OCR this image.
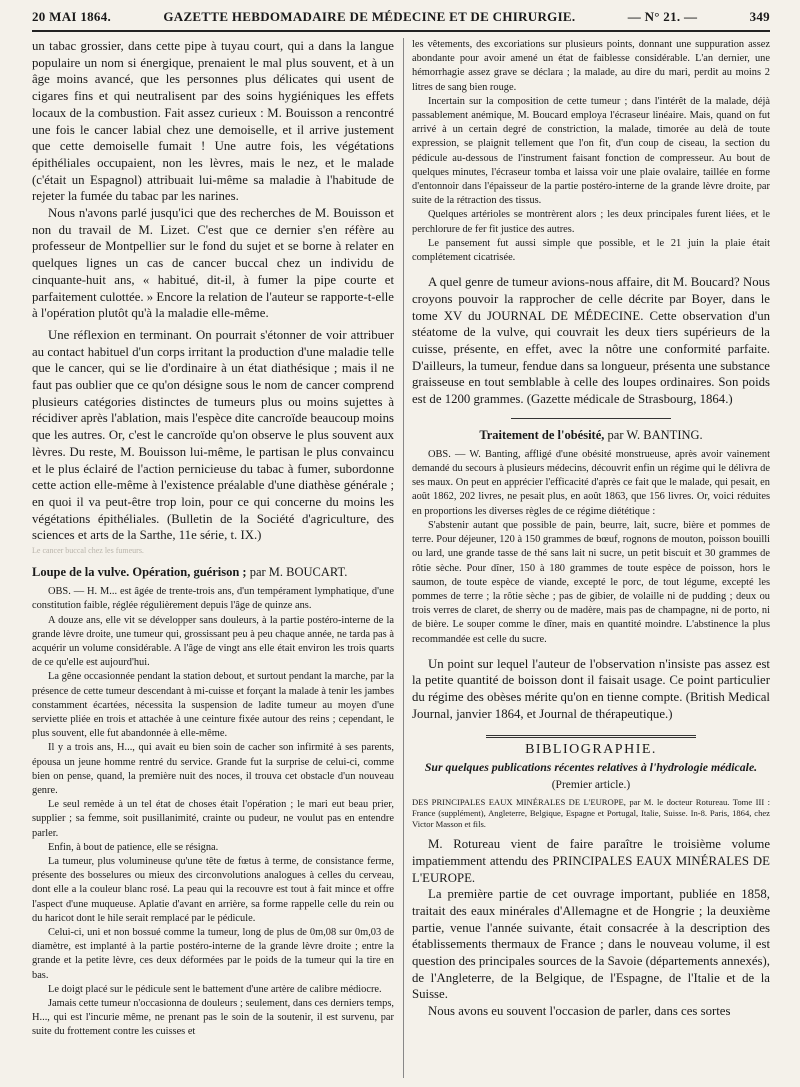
20 MAI 1864.	GAZETTE HEBDOMADAIRE DE MÉDECINE ET DE CHIRURGIE.	— N° 21. —	349

un tabac grossier, dans cette pipe à tuyau court, qui a dans la langue populaire un nom si énergique, prenaient le mal plus souvent, et à un âge moins avancé, que les personnes plus délicates qui usent de cigares fins et qui neutralisent par des soins hygiéniques les effets locaux de la combustion. Fait assez curieux : M. Bouisson a rencontré une fois le cancer labial chez une demoiselle, et il arrive justement que cette demoiselle fumait ! Une autre fois, les végétations épithéliales occupaient, non les lèvres, mais le nez, et le malade (c'était un Espagnol) attribuait lui-même sa maladie à l'habitude de rejeter la fumée du tabac par les narines.

Nous n'avons parlé jusqu'ici que des recherches de M. Bouisson et non du travail de M. Lizet. C'est que ce dernier s'en réfère au professeur de Montpellier sur le fond du sujet et se borne à relater en quelques lignes un cas de cancer buccal chez un individu de cinquante-huit ans, « habitué, dit-il, à fumer la pipe courte et parfaitement culottée. » Encore la relation de l'auteur se rapporte-t-elle à l'opération plutôt qu'à la maladie elle-même.

Une réflexion en terminant. On pourrait s'étonner de voir attribuer au contact habituel d'un corps irritant la production d'une maladie telle que le cancer, qui se lie d'ordinaire à un état diathésique ; mais il ne faut pas oublier que ce qu'on désigne sous le nom de cancer comprend plusieurs catégories distinctes de tumeurs plus ou moins sujettes à récidiver après l'ablation, mais l'espèce dite cancroïde beaucoup moins que les autres. Or, c'est le cancroïde qu'on observe le plus souvent aux lèvres. Du reste, M. Bouisson lui-même, le partisan le plus convaincu et le plus éclairé de l'action pernicieuse du tabac à fumer, subordonne cette action elle-même à l'existence préalable d'une diathèse générale ; en quoi il va peut-être trop loin, pour ce qui concerne du moins les végétations épithéliales. (Bulletin de la Société d'agriculture, des sciences et arts de la Sarthe, 11e série, t. IX.)

Le cancer buccal chez les fumeurs.

Loupe de la vulve. Opération, guérison ; par M. BOUCART.

OBS. — H. M... est âgée de trente-trois ans, d'un tempérament lymphatique, d'une constitution faible, réglée régulièrement depuis l'âge de quinze ans.

A douze ans, elle vit se développer sans douleurs, à la partie postéro-interne de la grande lèvre droite, une tumeur qui, grossissant peu à peu chaque année, ne tarda pas à acquérir un volume considérable. A l'âge de vingt ans elle était environ les trois quarts de ce qu'elle est aujourd'hui.

La gêne occasionnée pendant la station debout, et surtout pendant la marche, par la présence de cette tumeur descendant à mi-cuisse et forçant la malade à tenir les jambes constamment écartées, nécessita la suspension de ladite tumeur au moyen d'une serviette pliée en trois et attachée à une ceinture fixée autour des reins ; cependant, le plus souvent, elle fut abandonnée à elle-même.

Il y a trois ans, H..., qui avait eu bien soin de cacher son infirmité à ses parents, épousa un jeune homme rentré du service. Grande fut la surprise de celui-ci, comme bien on pense, quand, la première nuit des noces, il trouva cet obstacle d'un nouveau genre.

Le seul remède à un tel état de choses était l'opération ; le mari eut beau prier, supplier ; sa femme, soit pusillanimité, crainte ou pudeur, ne voulut pas en entendre parler.

Enfin, à bout de patience, elle se résigna.

La tumeur, plus volumineuse qu'une tête de fœtus à terme, de consistance ferme, présente des bosselures ou mieux des circonvolutions analogues à celles du cerveau, dont elle a la couleur blanc rosé. La peau qui la recouvre est tout à fait mince et offre l'aspect d'une muqueuse. Aplatie d'avant en arrière, sa forme rappelle celle du rein ou du haricot dont le hile serait remplacé par le pédicule.

Celui-ci, uni et non bossué comme la tumeur, long de plus de 0m,08 sur 0m,03 de diamètre, est implanté à la partie postéro-interne de la grande lèvre droite ; entre la grande et la petite lèvre, ces deux déformées par le poids de la tumeur qui la tire en bas.

Le doigt placé sur le pédicule sent le battement d'une artère de calibre médiocre.

Jamais cette tumeur n'occasionna de douleurs ; seulement, dans ces derniers temps, H..., qui est l'incurie même, ne prenant pas le soin de la soutenir, il est survenu, par suite du frottement contre les cuisses et

les vêtements, des excoriations sur plusieurs points, donnant une suppuration assez abondante pour avoir amené un état de faiblesse considérable. L'an dernier, une hémorrhagie assez grave se déclara ; la malade, au dire du mari, perdit au moins 2 litres de sang bien rouge.

Incertain sur la composition de cette tumeur ; dans l'intérêt de la malade, déjà passablement anémique, M. Boucard employa l'écraseur linéaire. Mais, quand on fut arrivé à un certain degré de constriction, la malade, timorée au delà de toute expression, se plaignit tellement que l'on fit, d'un coup de ciseau, la section du pédicule au-dessous de l'instrument faisant fonction de compresseur. Au bout de quelques minutes, l'écraseur tomba et laissa voir une plaie ovalaire, taillée en forme d'entonnoir dans l'épaisseur de la partie postéro-interne de la grande lèvre droite, par suite de la rétraction des tissus.

Quelques artérioles se montrèrent alors ; les deux principales furent liées, et le perchlorure de fer fit justice des autres.

Le pansement fut aussi simple que possible, et le 21 juin la plaie était complétement cicatrisée.

A quel genre de tumeur avions-nous affaire, dit M. Boucard? Nous croyons pouvoir la rapprocher de celle décrite par Boyer, dans le tome XV du JOURNAL DE MÉDECINE. Cette observation d'un stéatome de la vulve, qui couvrait les deux tiers supérieurs de la cuisse, présente, en effet, avec la nôtre une conformité parfaite. D'ailleurs, la tumeur, fendue dans sa longueur, présenta une substance graisseuse en tout semblable à celle des loupes ordinaires. Son poids est de 1200 grammes. (Gazette médicale de Strasbourg, 1864.)

Traitement de l'obésité, par W. BANTING.

OBS. — W. Banting, affligé d'une obésité monstrueuse, après avoir vainement demandé du secours à plusieurs médecins, découvrit enfin un régime qui le délivra de ses maux. On peut en apprécier l'efficacité d'après ce fait que le malade, qui pesait, en août 1862, 202 livres, ne pesait plus, en août 1863, que 156 livres. Or, voici réduites en proportions les diverses règles de ce régime diététique :

S'abstenir autant que possible de pain, beurre, lait, sucre, bière et pommes de terre. Pour déjeuner, 120 à 150 grammes de bœuf, rognons de mouton, poisson bouilli ou lard, une grande tasse de thé sans lait ni sucre, un petit biscuit et 30 grammes de rôtie sèche. Pour dîner, 150 à 180 grammes de toute espèce de poisson, hors le saumon, de toute espèce de viande, excepté le porc, de tout légume, excepté les pommes de terre ; la rôtie sèche ; pas de gibier, de volaille ni de pudding ; deux ou trois verres de claret, de sherry ou de madère, mais pas de champagne, ni de porto, ni de bière. Le souper comme le dîner, mais en quantité moindre. L'abstinence la plus recommandée est celle du sucre.

Un point sur lequel l'auteur de l'observation n'insiste pas assez est la petite quantité de boisson dont il faisait usage. Ce point particulier du régime des obèses mérite qu'on en tienne compte. (British Medical Journal, janvier 1864, et Journal de thérapeutique.)

BIBLIOGRAPHIE.
Sur quelques publications récentes relatives à l'hydrologie médicale.
(Premier article.)

DES PRINCIPALES EAUX MINÉRALES DE L'EUROPE, par M. le docteur Rotureau. Tome III : France (supplément), Angleterre, Belgique, Espagne et Portugal, Italie, Suisse. In-8. Paris, 1864, chez Victor Masson et fils.

M. Rotureau vient de faire paraître le troisième volume impatiemment attendu des PRINCIPALES EAUX MINÉRALES DE L'EUROPE.

La première partie de cet ouvrage important, publiée en 1858, traitait des eaux minérales d'Allemagne et de Hongrie ; la deuxième partie, venue l'année suivante, était consacrée à la description des établissements thermaux de France ; dans le nouveau volume, il est question des principales sources de la Savoie (départements annexés), de l'Angleterre, de la Belgique, de l'Espagne, de l'Italie et de la Suisse.

Nous avons eu souvent l'occasion de parler, dans ces sortes
